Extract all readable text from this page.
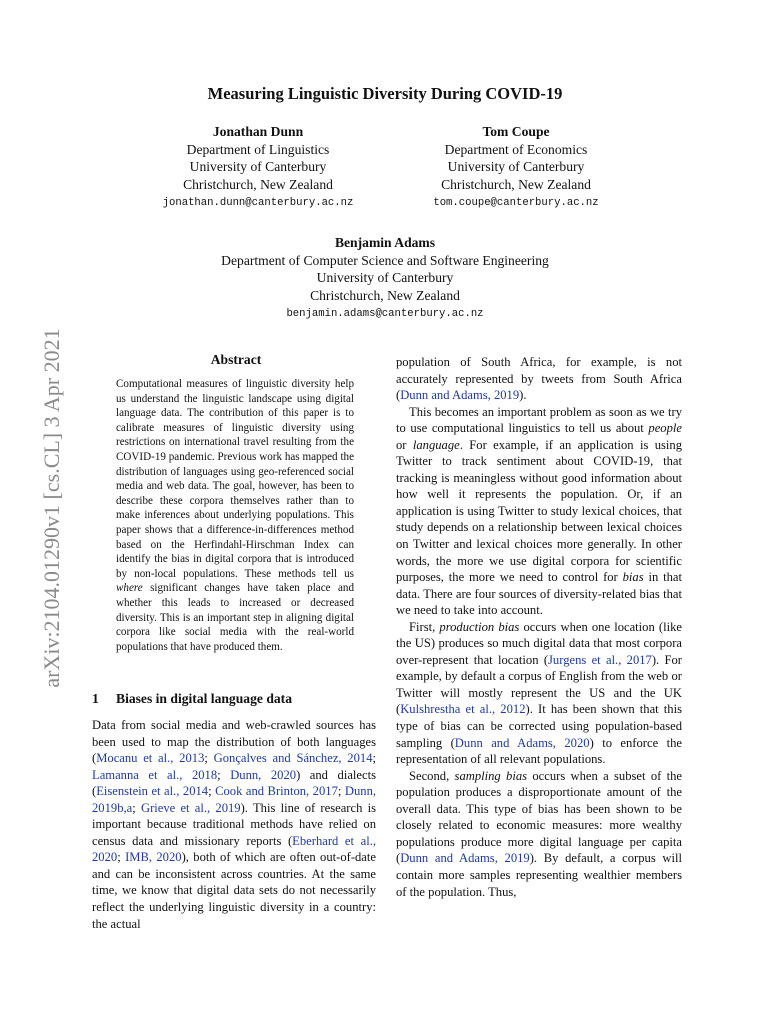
Measuring Linguistic Diversity During COVID-19
Jonathan Dunn
Department of Linguistics
University of Canterbury
Christchurch, New Zealand
jonathan.dunn@canterbury.ac.nz
Tom Coupe
Department of Economics
University of Canterbury
Christchurch, New Zealand
tom.coupe@canterbury.ac.nz
Benjamin Adams
Department of Computer Science and Software Engineering
University of Canterbury
Christchurch, New Zealand
benjamin.adams@canterbury.ac.nz
arXiv:2104.01290v1 [cs.CL] 3 Apr 2021	Abstract
Computational measures of linguistic diversity help us understand the linguistic landscape using digital language data. The contribution of this paper is to calibrate measures of linguistic diversity using restrictions on international travel resulting from the COVID-19 pandemic. Previous work has mapped the distribution of languages using geo-referenced social media and web data. The goal, however, has been to describe these corpora themselves rather than to make inferences about underlying populations. This paper shows that a difference-in-differences method based on the Herfindahl-Hirschman Index can identify the bias in digital corpora that is introduced by non-local populations. These methods tell us where significant changes have taken place and whether this leads to increased or decreased diversity. This is an important step in aligning digital corpora like social media with the real-world populations that have produced them.
1 Biases in digital language data

Data from social media and web-crawled sources has been used to map the distribution of both languages (Mocanu et al., 2013; Gonçalves and Sánchez, 2014; Lamanna et al., 2018; Dunn, 2020) and dialects (Eisenstein et al., 2014; Cook and Brinton, 2017; Dunn, 2019b,a; Grieve et al., 2019). This line of research is important because traditional methods have relied on census data and missionary reports (Eberhard et al., 2020; IMB, 2020), both of which are often out-of-date and can be inconsistent across countries. At the same time, we know that digital data sets do not necessarily reflect the underlying linguistic diversity in a country: the actual

population of South Africa, for example, is not accurately represented by tweets from South Africa (Dunn and Adams, 2019).

This becomes an important problem as soon as we try to use computational linguistics to tell us about people or language. For example, if an application is using Twitter to track sentiment about COVID-19, that tracking is meaningless without good information about how well it represents the population. Or, if an application is using Twitter to study lexical choices, that study depends on a relationship between lexical choices on Twitter and lexical choices more generally. In other words, the more we use digital corpora for scientific purposes, the more we need to control for bias in that data. There are four sources of diversity-related bias that we need to take into account.

First, production bias occurs when one location (like the US) produces so much digital data that most corpora over-represent that location (Jurgens et al., 2017). For example, by default a corpus of English from the web or Twitter will mostly represent the US and the UK (Kulshrestha et al., 2012). It has been shown that this type of bias can be corrected using population-based sampling (Dunn and Adams, 2020) to enforce the representation of all relevant populations.

Second, sampling bias occurs when a subset of the population produces a disproportionate amount of the overall data. This type of bias has been shown to be closely related to economic measures: more wealthy populations produce more digital language per capita (Dunn and Adams, 2019). By default, a corpus will contain more samples representing wealthier members of the population. Thus,
